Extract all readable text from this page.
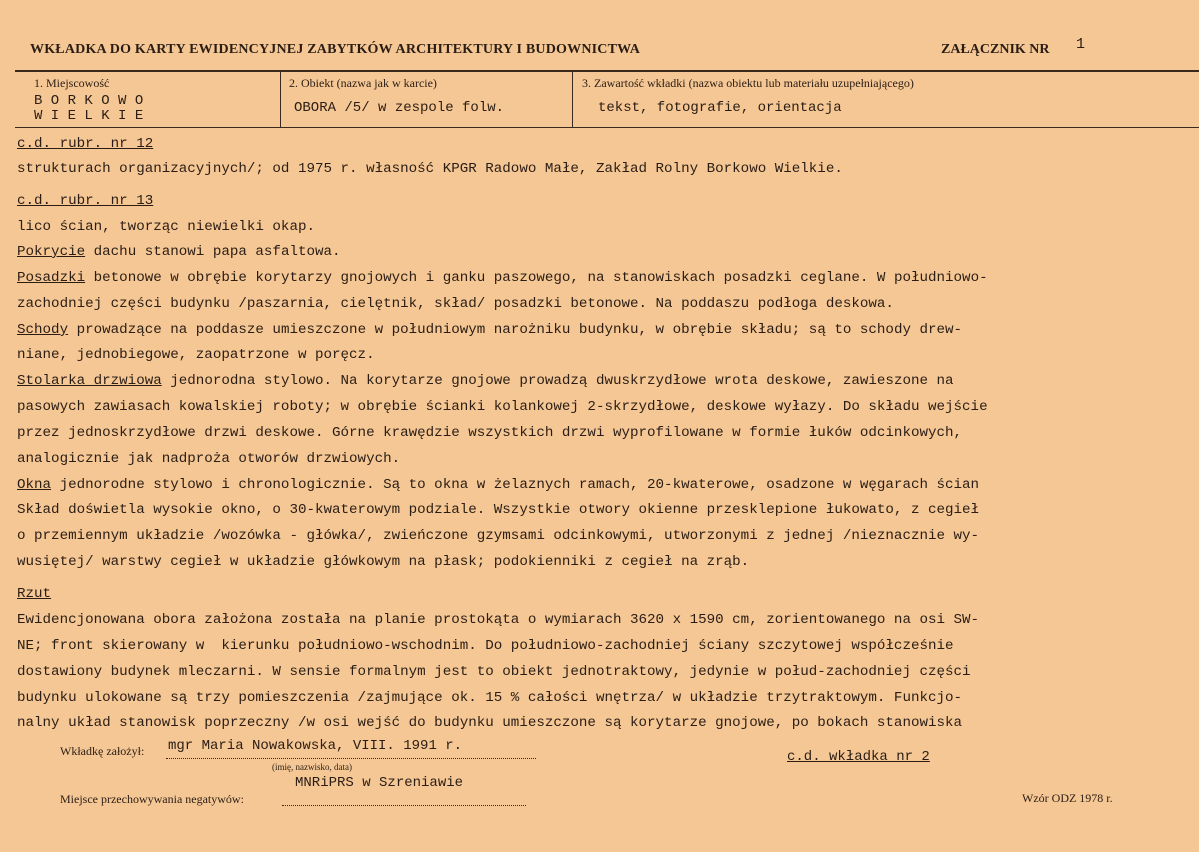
WKŁADKA DO KARTY EWIDENCYJNEJ ZABYTKÓW ARCHITEKTURY I BUDOWNICTWA	ZAŁĄCZNIK NR 1
1. Miejscowość
B O R K O W O
W I E L K I E
2. Obiekt (nazwa jak w karcie)
OBORA /5/ w zespole folw.
3. Zawartość wkładki (nazwa obiektu lub materiału uzupełniającego)
tekst, fotografie, orientacja
c.d. rubr. nr 12
strukturach organizacyjnych/; od 1975 r. własność KPGR Radowo Małe, Zakład Rolny Borkowo Wielkie.
c.d. rubr. nr 13
lico ścian, tworząc niewielki okap.
Pokrycie dachu stanowi papa asfaltowa.
Posadzki betonowe w obrębie korytarzy gnojowych i ganku paszowego, na stanowiskach posadzki ceglane. W południowo-
zachodniej części budynku /paszarnia, cielętnik, skład/ posadzki betonowe. Na poddaszu podłoga deskowa.
Schody prowadzące na poddasze umieszczone w południowym narożniku budynku, w obrębie składu; są to schody drew-
niane, jednobiegowe, zaopatrzone w poręcz.
Stolarka drzwiowa jednorodna stylowo. Na korytarze gnojowe prowadzą dwuskrzydłowe wrota deskowe, zawieszone na
pasowych zawiasach kowalskiej roboty; w obrębie ścianki kolankowej 2-skrzydłowe, deskowe wyłazy. Do składu wejście
przez jednoskrzydłowe drzwi deskowe. Górne krawędzie wszystkich drzwi wyprofilowane w formie łuków odcinkowych,
analogicznie jak nadproża otworów drzwiowych.
Okna jednorodne stylowo i chronologicznie. Są to okna w żelaznych ramach, 20-kwaterowe, osadzone w węgarach ścian
Skład doświetla wysokie okno, o 30-kwaterowym podziale. Wszystkie otwory okienne przesklepione łukowato, z cegieł
o przemiennym układzie /wozówka - główka/, zwieńczone gzymsami odcinkowymi, utworzonymi z jednej /nieznacznie wy-
wusiętej/ warstwy cegieł w układzie główkowym na płask; podokienniki z cegieł na zrąb.
Rzut
Ewidencjonowana obora założona została na planie prostokąta o wymiarach 3620 x 1590 cm, zorientowanego na osi SW-
NE; front skierowany w  kierunku południowo-wschodnim. Do południowo-zachodniej ściany szczytowej współcześnie
dostawiony budynek mleczarni. W sensie formalnym jest to obiekt jednotraktowy, jedynie w połud-zachodniej części
budynku ulokowane są trzy pomieszczenia /zajmujące ok. 15 % całości wnętrza/ w układzie trzytraktowym. Funkcjo-
nalny układ stanowisk poprzeczny /w osi wejść do budynku umieszczone są korytarze gnojowe, po bokach stanowiska
Wkładkę założył: mgr Maria Nowakowska, VIII. 1991 r.
(imię, nazwisko, data)
c.d. wkładka nr 2
MNRiPRS w Szreniawie
Miejsce przechowywania negatywów:	Wzór ODZ 1978 r.
